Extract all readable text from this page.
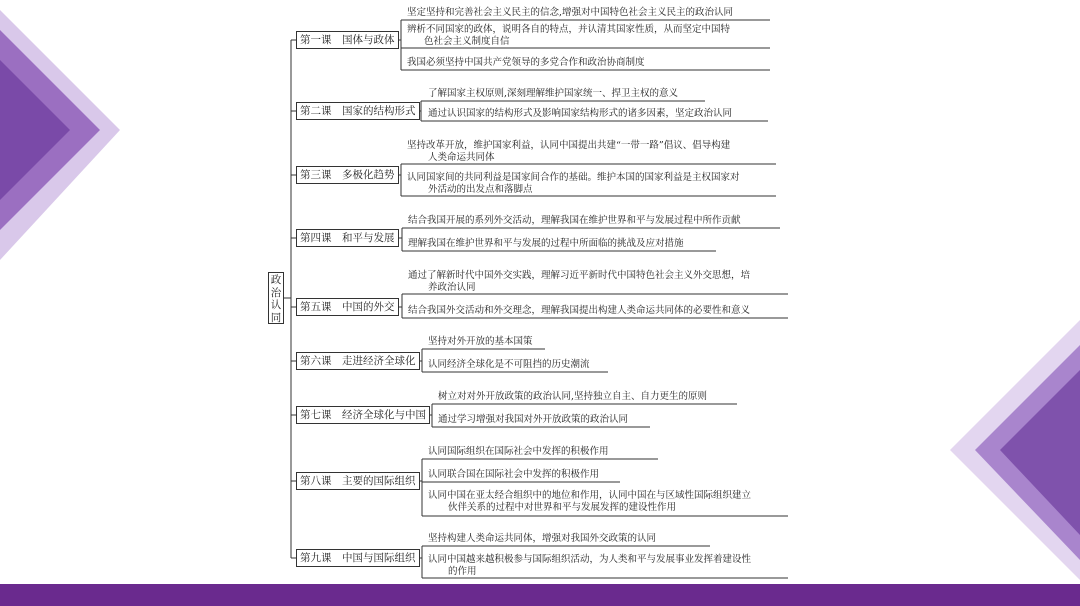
政治认同
第一课　国体与政体
第二课　国家的结构形式
第三课　多极化趋势
第四课　和平与发展
第五课　中国的外交
第六课　走进经济全球化
第七课　经济全球化与中国
第八课　主要的国际组织
第九课　中国与国际组织
坚定坚持和完善社会主义民主的信念,增强对中国特色社会主义民主的政治认同
辨析不同国家的政体，说明各自的特点，并认清其国家性质，从而坚定中国特
色社会主义制度自信
我国必须坚持中国共产党领导的多党合作和政治协商制度
了解国家主权原则,深刻理解维护国家统一、捍卫主权的意义
通过认识国家的结构形式及影响国家结构形式的诸多因素，坚定政治认同
坚持改革开放，维护国家利益，认同中国提出共建“一带一路”倡议、倡导构建
人类命运共同体
认同国家间的共同利益是国家间合作的基础。维护本国的国家利益是主权国家对
外活动的出发点和落脚点
结合我国开展的系列外交活动，理解我国在维护世界和平与发展过程中所作贡献
理解我国在维护世界和平与发展的过程中所面临的挑战及应对措施
通过了解新时代中国外交实践，理解习近平新时代中国特色社会主义外交思想，培
养政治认同
结合我国外交活动和外交理念，理解我国提出构建人类命运共同体的必要性和意义
坚持对外开放的基本国策
认同经济全球化是不可阻挡的历史潮流
树立对对外开放政策的政治认同,坚持独立自主、自力更生的原则
通过学习增强对我国对外开放政策的政治认同
认同国际组织在国际社会中发挥的积极作用
认同联合国在国际社会中发挥的积极作用
认同中国在亚太经合组织中的地位和作用，认同中国在与区域性国际组织建立
伙伴关系的过程中对世界和平与发展发挥的建设性作用
坚持构建人类命运共同体，增强对我国外交政策的认同
认同中国越来越积极参与国际组织活动，为人类和平与发展事业发挥着建设性
的作用
